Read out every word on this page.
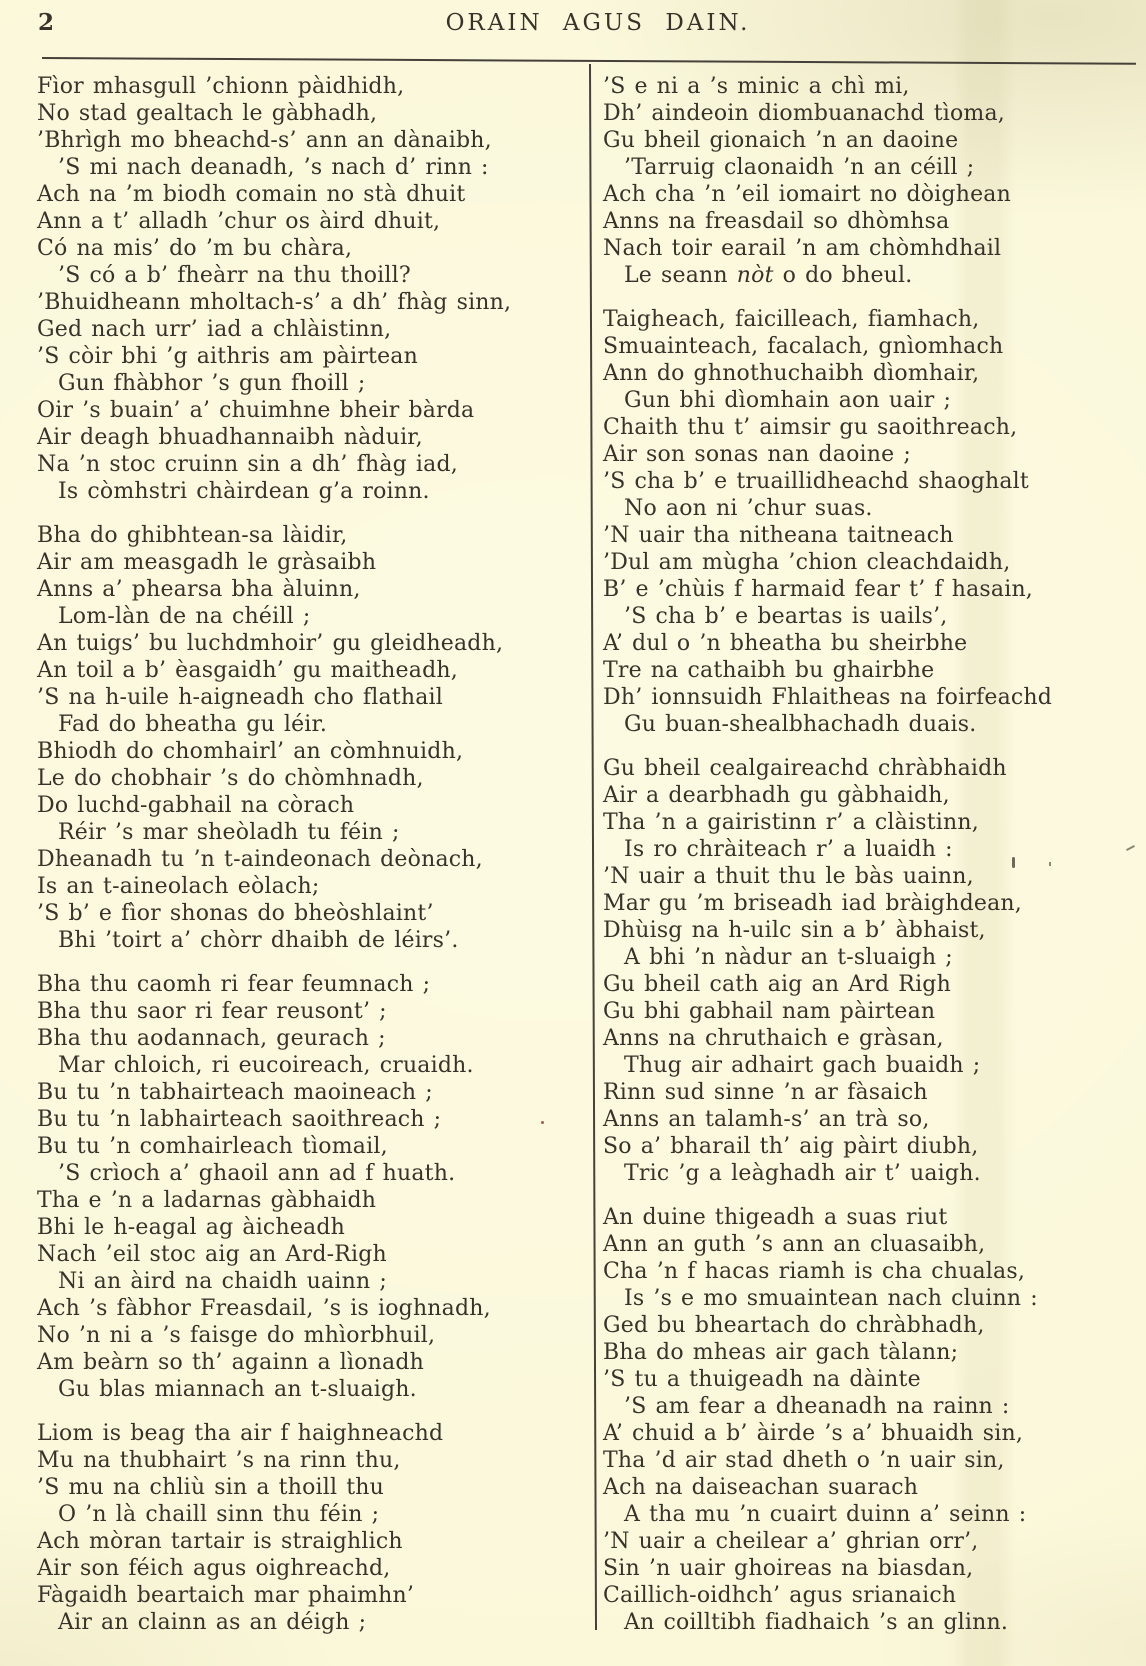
2	ORAIN AGUS DAIN.
Fìor mhasgull ’chionn pàidhidh,
No stad gealtach le gàbhadh,
’Bhrìgh mo bheachd-s’ ann an dànaibh,
’S mi nach deanadh, ’s nach d’ rinn :
Ach na ’m biodh comain no stà dhuit
Ann a t’ alladh ’chur os àird dhuit,
Có na mis’ do ’m bu chàra,
’S có a b’ fheàrr na thu thoill?
’Bhuidheann mholtach-s’ a dh’ fhàg sinn,
Ged nach urr’ iad a chlàistinn,
’S còir bhi ’g aithris am pàirtean
Gun fhàbhor ’s gun fhoill ;
Oir ’s buain’ a’ chuimhne bheir bàrda
Air deagh bhuadhannaibh nàduir,
Na ’n stoc cruinn sin a dh’ fhàg iad,
Is còmhstri chàirdean g’a roinn.
Bha do ghibhtean-sa làidir,
Air am measgadh le gràsaibh
Anns a’ phearsa bha àluinn,
Lom-làn de na chéill ;
An tuigs’ bu luchdmhoir’ gu gleidheadh,
An toil a b’ èasgaidh’ gu maitheadh,
’S na h-uile h-aigneadh cho flathail
Fad do bheatha gu léir.
Bhiodh do chomhairl’ an còmhnuidh,
Le do chobhair ’s do chòmhnadh,
Do luchd-gabhail na còrach
Réir ’s mar sheòladh tu féin ;
Dheanadh tu ’n t-aindeonach deònach,
Is an t-aineolach eòlach;
’S b’ e fìor shonas do bheòshlaint’
Bhi ’toirt a’ chòrr dhaibh de léirs’.
Bha thu caomh ri fear feumnach ;
Bha thu saor ri fear reusont’ ;
Bha thu aodannach, geurach ;
Mar chloich, ri eucoireach, cruaidh.
Bu tu ’n tabhairteach maoineach ;
Bu tu ’n labhairteach saoithreach ;
Bu tu ’n comhairleach tìomail,
’S crìoch a’ ghaoil ann ad f huath.
Tha e ’n a ladarnas gàbhaidh
Bhi le h-eagal ag àicheadh
Nach ’eil stoc aig an Ard-Righ
Ni an àird na chaidh uainn ;
Ach ’s fàbhor Freasdail, ’s is ioghnadh,
No ’n ni a ’s faisge do mhìorbhuil,
Am beàrn so th’ againn a lìonadh
Gu blas miannach an t-sluaigh.
Liom is beag tha air f haighneachd
Mu na thubhairt ’s na rinn thu,
’S mu na chliù sin a thoill thu
O ’n là chaill sinn thu féin ;
Ach mòran tartair is straighlich
Air son féich agus oighreachd,
Fàgaidh beartaich mar phaimhn’
Air an clainn as an déigh ;
’S e ni a ’s minic a chì mi,
Dh’ aindeoin diombuanachd tìoma,
Gu bheil gionaich ’n an daoine
’Tarruig claonaidh ’n an céill ;
Ach cha ’n ’eil iomairt no dòighean
Anns na freasdail so dhòmhsa
Nach toir earail ’n am chòmhdhail
Le seann nòt o do bheul.
Taigheach, faicilleach, fiamhach,
Smuainteach, facalach, gnìomhach
Ann do ghnothuchaibh dìomhair,
Gun bhi dìomhain aon uair ;
Chaith thu t’ aimsir gu saoithreach,
Air son sonas nan daoine ;
’S cha b’ e truaillidheachd shaoghalt
No aon ni ’chur suas.
’N uair tha nitheana taitneach
’Dul am mùgha ’chion cleachdaidh,
B’ e ’chùis f harmaid fear t’ f hasain,
’S cha b’ e beartas is uails’,
A’ dul o ’n bheatha bu sheirbhe
Tre na cathaibh bu ghairbhe
Dh’ ionnsuidh Fhlaitheas na foirfeachd
Gu buan-shealbhachadh duais.
Gu bheil cealgaireachd chràbhaidh
Air a dearbhadh gu gàbhaidh,
Tha ’n a gairistinn r’ a clàistinn,
Is ro chràiteach r’ a luaidh :
’N uair a thuit thu le bàs uainn,
Mar gu ’m briseadh iad bràighdean,
Dhùisg na h-uilc sin a b’ àbhaist,
A bhi ’n nàdur an t-sluaigh ;
Gu bheil cath aig an Ard Righ
Gu bhi gabhail nam pàirtean
Anns na chruthaich e gràsan,
Thug air adhairt gach buaidh ;
Rinn sud sinne ’n ar fàsaich
Anns an talamh-s’ an trà so,
So a’ bharail th’ aig pàirt diubh,
Tric ’g a leàghadh air t’ uaigh.
An duine thigeadh a suas riut
Ann an guth ’s ann an cluasaibh,
Cha ’n f hacas riamh is cha chualas,
Is ’s e mo smuaintean nach cluinn :
Ged bu bheartach do chràbhadh,
Bha do mheas air gach tàlann;
’S tu a thuigeadh na dàinte
’S am fear a dheanadh na rainn :
A’ chuid a b’ àirde ’s a’ bhuaidh sin,
Tha ’d air stad dheth o ’n uair sin,
Ach na daiseachan suarach
A tha mu ’n cuairt duinn a’ seinn :
’N uair a cheilear a’ ghrian orr’,
Sin ’n uair ghoireas na biasdan,
Caillich-oidhch’ agus srianaich
An coilltibh fiadhaich ’s an glinn.
